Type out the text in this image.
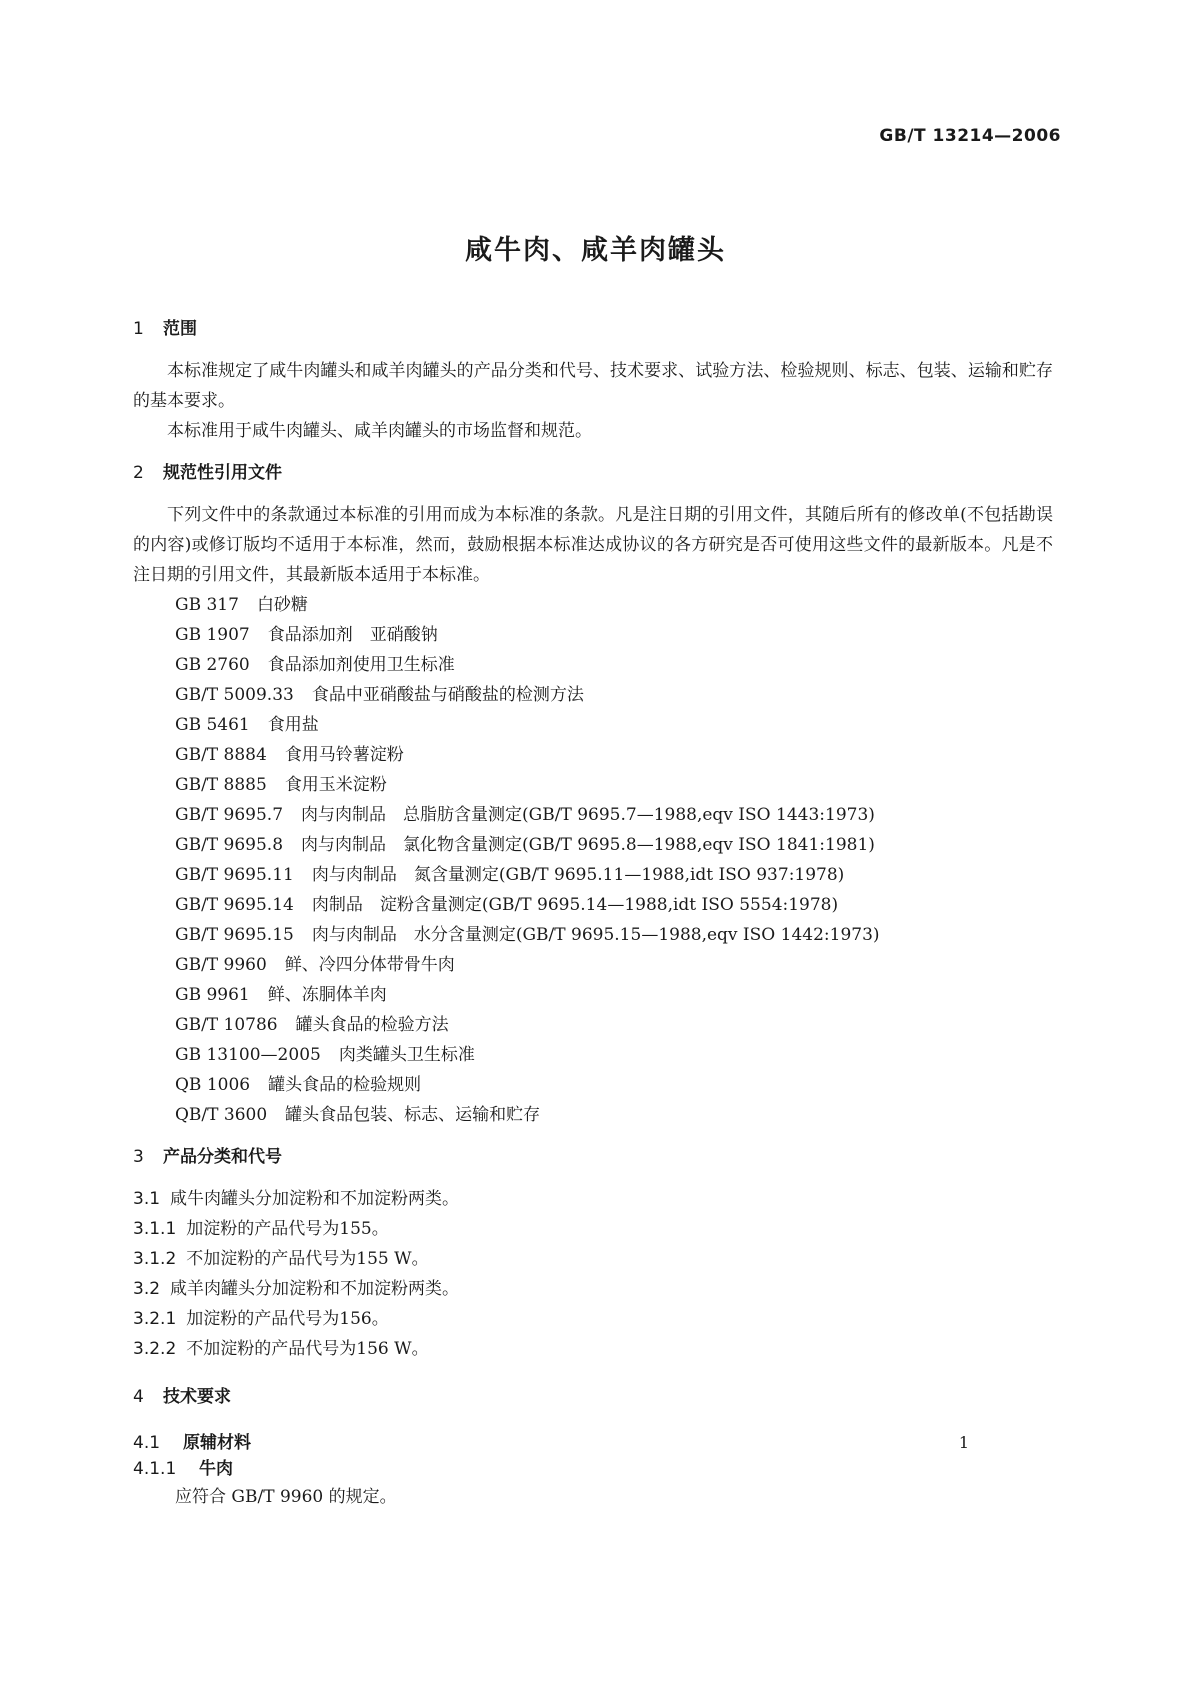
GB/T 13214—2006
咸牛肉、咸羊肉罐头
1 范围

本标准规定了咸牛肉罐头和咸羊肉罐头的产品分类和代号、技术要求、试验方法、检验规则、标志、包装、运输和贮存的基本要求。

本标准用于咸牛肉罐头、咸羊肉罐头的市场监督和规范。

2 规范性引用文件

下列文件中的条款通过本标准的引用而成为本标准的条款。凡是注日期的引用文件，其随后所有的修改单(不包括勘误的内容)或修订版均不适用于本标准，然而，鼓励根据本标准达成协议的各方研究是否可使用这些文件的最新版本。凡是不注日期的引用文件，其最新版本适用于本标准。

GB 317 白砂糖
GB 1907 食品添加剂　亚硝酸钠
GB 2760 食品添加剂使用卫生标准
GB/T 5009.33 食品中亚硝酸盐与硝酸盐的检测方法
GB 5461 食用盐
GB/T 8884 食用马铃薯淀粉
GB/T 8885 食用玉米淀粉
GB/T 9695.7 肉与肉制品　总脂肪含量测定(GB/T 9695.7—1988,eqv ISO 1443:1973)
GB/T 9695.8 肉与肉制品　氯化物含量测定(GB/T 9695.8—1988,eqv ISO 1841:1981)
GB/T 9695.11 肉与肉制品　氮含量测定(GB/T 9695.11—1988,idt ISO 937:1978)
GB/T 9695.14 肉制品　淀粉含量测定(GB/T 9695.14—1988,idt ISO 5554:1978)
GB/T 9695.15 肉与肉制品　水分含量测定(GB/T 9695.15—1988,eqv ISO 1442:1973)
GB/T 9960 鲜、冷四分体带骨牛肉
GB 9961 鲜、冻胴体羊肉
GB/T 10786 罐头食品的检验方法
GB 13100—2005 肉类罐头卫生标准
QB 1006 罐头食品的检验规则
QB/T 3600 罐头食品包装、标志、运输和贮存
3 产品分类和代号

3.1 咸牛肉罐头分加淀粉和不加淀粉两类。

3.1.1 加淀粉的产品代号为155。

3.1.2 不加淀粉的产品代号为155 W。

3.2 咸羊肉罐头分加淀粉和不加淀粉两类。

3.2.1 加淀粉的产品代号为156。

3.2.2 不加淀粉的产品代号为156 W。

4 技术要求
4.1 原辅材料
4.1.1 牛肉

应符合 GB/T 9960 的规定。

1
